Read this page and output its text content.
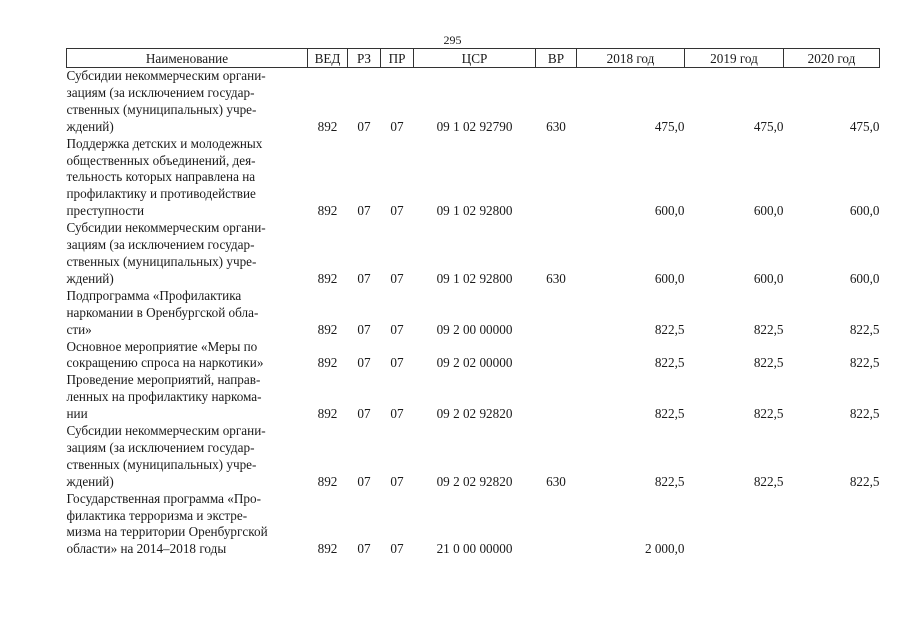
295
Наименование	ВЕД	РЗ	ПР	ЦСР	ВР	2018 год	2019 год	2020 год

Субсидии некоммерческим органи-
зациям (за исключением государ-
ственных (муниципальных) учре-
ждений)	892	07	07	09 1 02 92790	630	475,0	475,0	475,0

Поддержка детских и молодежных
общественных объединений, дея-
тельность которых направлена на
профилактику и противодействие
преступности	892	07	07	09 1 02 92800		600,0	600,0	600,0

Субсидии некоммерческим органи-
зациям (за исключением государ-
ственных (муниципальных) учре-
ждений)	892	07	07	09 1 02 92800	630	600,0	600,0	600,0

Подпрограмма «Профилактика
наркомании в Оренбургской обла-
сти»	892	07	07	09 2 00 00000		822,5	822,5	822,5

Основное мероприятие «Меры по
сокращению спроса на наркотики»	892	07	07	09 2 02 00000		822,5	822,5	822,5

Проведение мероприятий, направ-
ленных на профилактику наркома-
нии	892	07	07	09 2 02 92820		822,5	822,5	822,5

Субсидии некоммерческим органи-
зациям (за исключением государ-
ственных (муниципальных) учре-
ждений)	892	07	07	09 2 02 92820	630	822,5	822,5	822,5

Государственная программа «Про-
филактика терроризма и экстре-
мизма на территории Оренбургской
области» на 2014–2018 годы	892	07	07	21 0 00 00000		2 000,0		
